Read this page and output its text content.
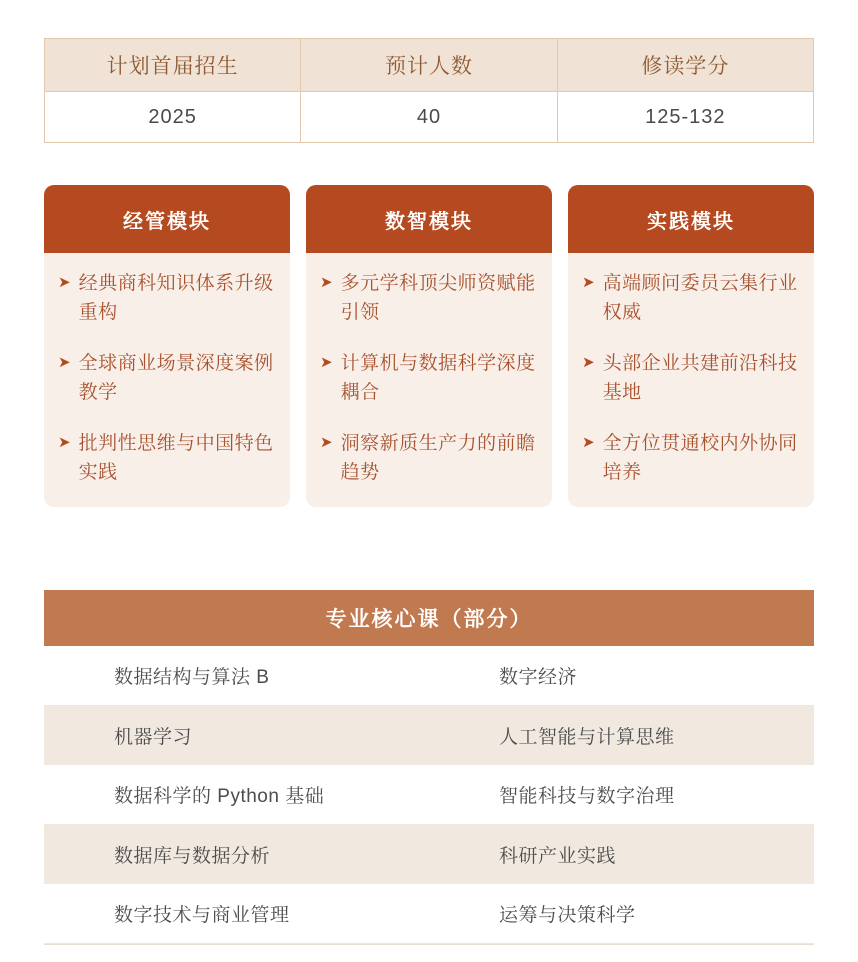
计划首届招生	预计人数	修读学分
2025	40	125-132
经管模块
➤ 经典商科知识体系升级重构
➤ 全球商业场景深度案例教学
➤ 批判性思维与中国特色实践
数智模块
➤ 多元学科顶尖师资赋能引领
➤ 计算机与数据科学深度耦合
➤ 洞察新质生产力的前瞻趋势
实践模块
➤ 高端顾问委员云集行业权威
➤ 头部企业共建前沿科技基地
➤ 全方位贯通校内外协同培养
专业核心课（部分）
数据结构与算法 B	数字经济
机器学习	人工智能与计算思维
数据科学的 Python 基础	智能科技与数字治理
数据库与数据分析	科研产业实践
数字技术与商业管理	运筹与决策科学
